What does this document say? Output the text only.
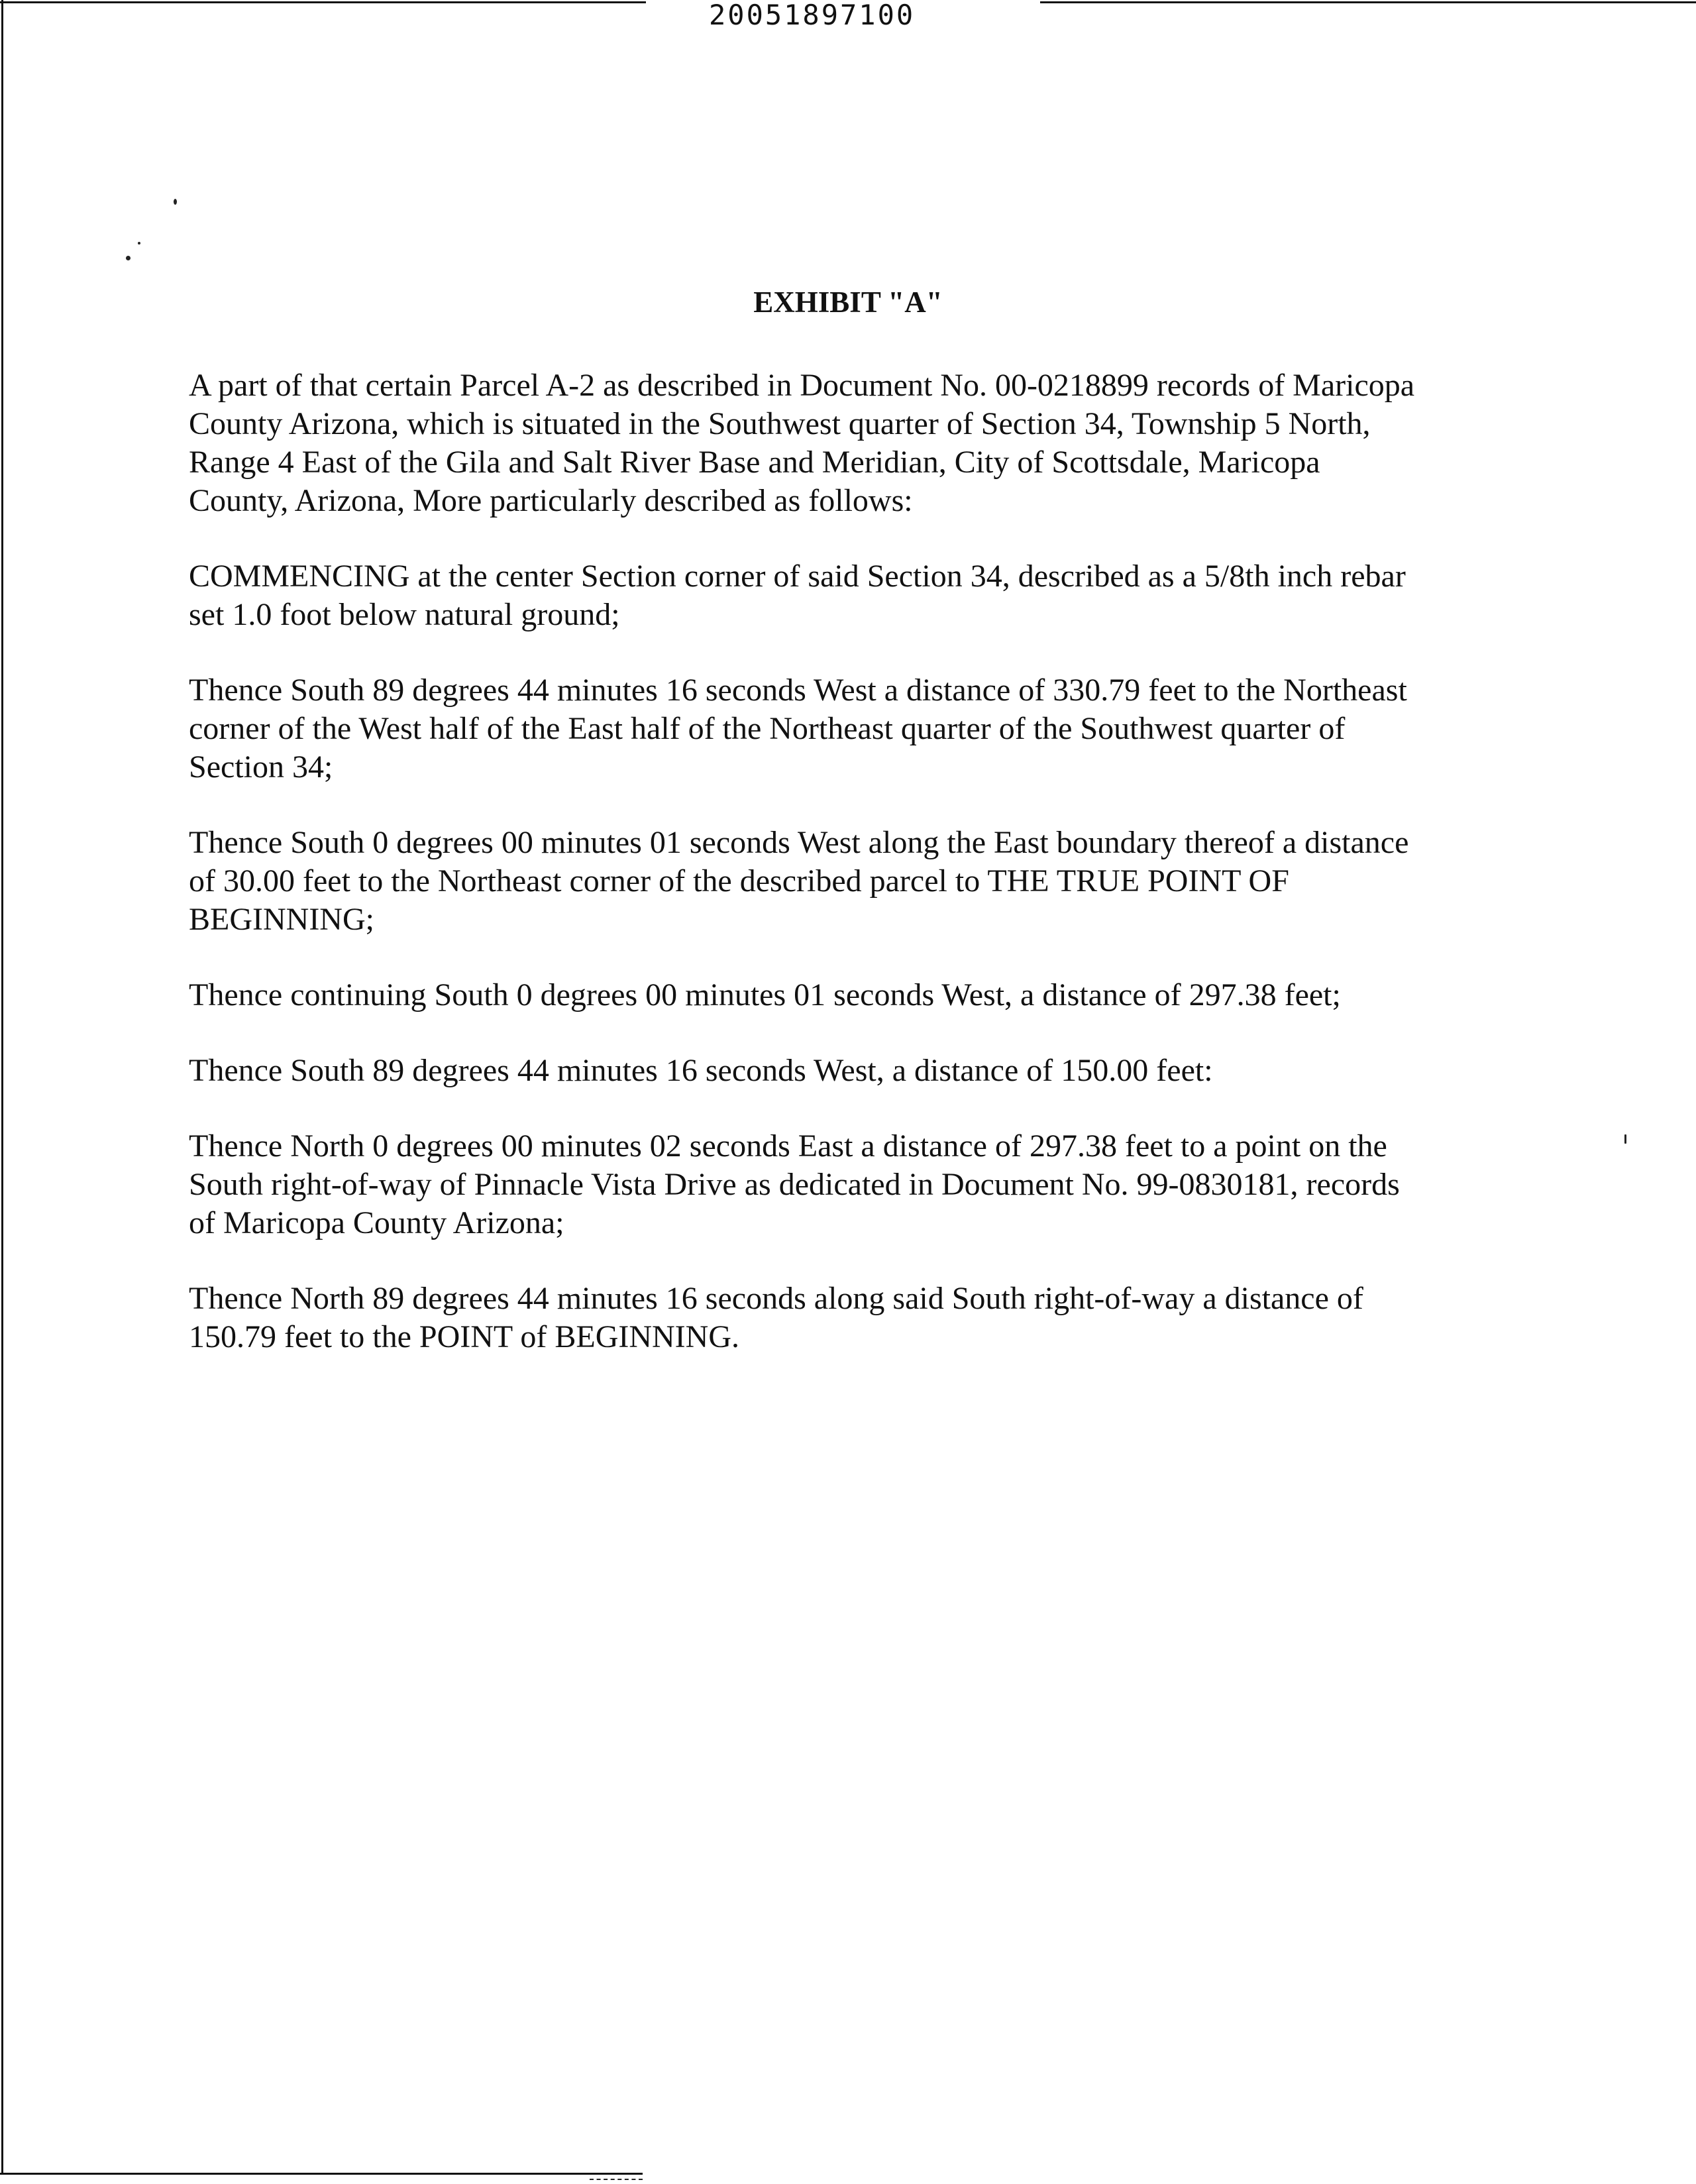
20051897100
EXHIBIT "A"

A part of that certain Parcel A-2 as described in Document No. 00-0218899 records of Maricopa
County Arizona, which is situated in the Southwest quarter of Section 34, Township 5 North,
Range 4 East of the Gila and Salt River Base and Meridian, City of Scottsdale, Maricopa
County, Arizona, More particularly described as follows:

COMMENCING at the center Section corner of said Section 34, described as a 5/8th inch rebar
set 1.0 foot below natural ground;

Thence South 89 degrees 44 minutes 16 seconds West a distance of 330.79 feet to the Northeast
corner of the West half of the East half of the Northeast quarter of the Southwest quarter of
Section 34;

Thence South 0 degrees 00 minutes 01 seconds West along the East boundary thereof a distance
of 30.00 feet to the Northeast corner of the described parcel to THE TRUE POINT OF
BEGINNING;

Thence continuing South 0 degrees 00 minutes 01 seconds West, a distance of 297.38 feet;

Thence South 89 degrees 44 minutes 16 seconds West, a distance of 150.00 feet:

Thence North 0 degrees 00 minutes 02 seconds East a distance of 297.38 feet to a point on the
South right-of-way of Pinnacle Vista Drive as dedicated in Document No. 99-0830181, records
of Maricopa County Arizona;

Thence North 89 degrees 44 minutes 16 seconds along said South right-of-way a distance of
150.79 feet to the POINT of BEGINNING.
